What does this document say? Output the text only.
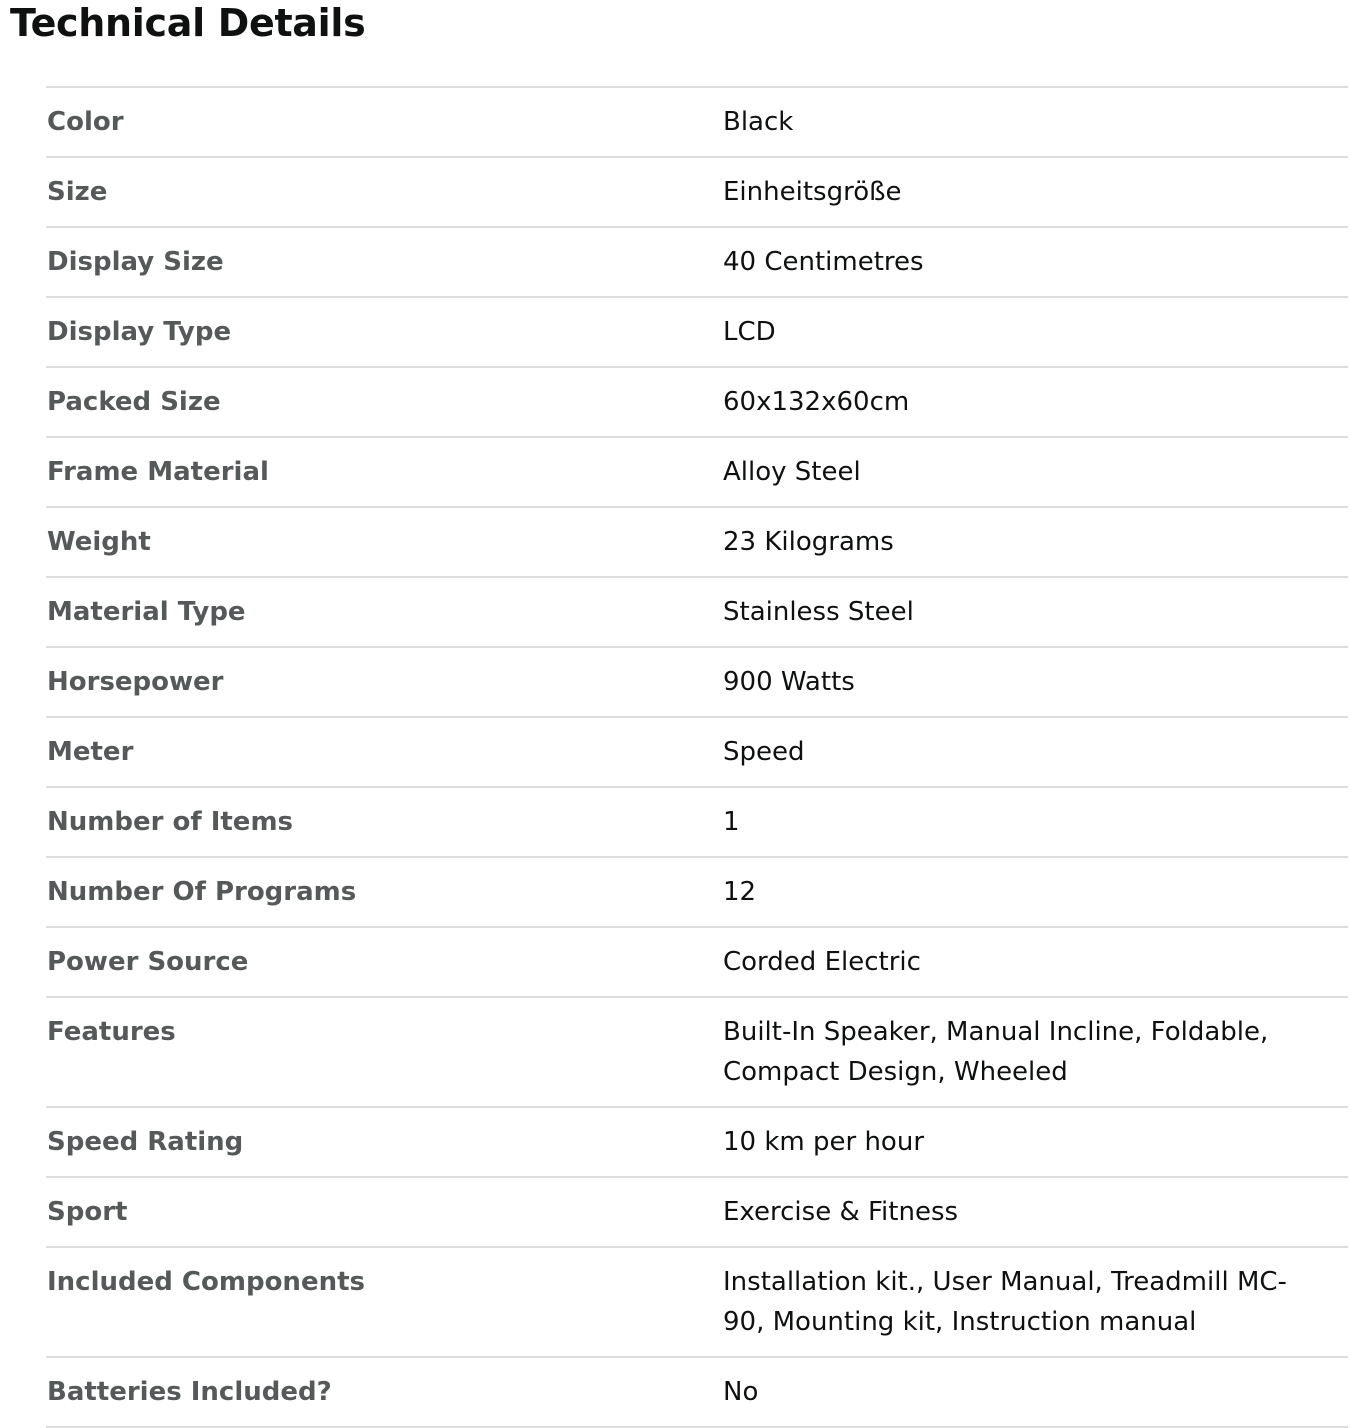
Technical Details
Color	Black
Size	Einheitsgröße
Display Size	40 Centimetres
Display Type	LCD
Packed Size	60x132x60cm
Frame Material	Alloy Steel
Weight	23 Kilograms
Material Type	Stainless Steel
Horsepower	900 Watts
Meter	Speed
Number of Items	1
Number Of Programs	12
Power Source	Corded Electric
Features	Built-In Speaker, Manual Incline, Foldable, Compact Design, Wheeled
Speed Rating	10 km per hour
Sport	Exercise & Fitness
Included Components	Installation kit., User Manual, Treadmill MC-90, Mounting kit, Instruction manual
Batteries Included?	No
